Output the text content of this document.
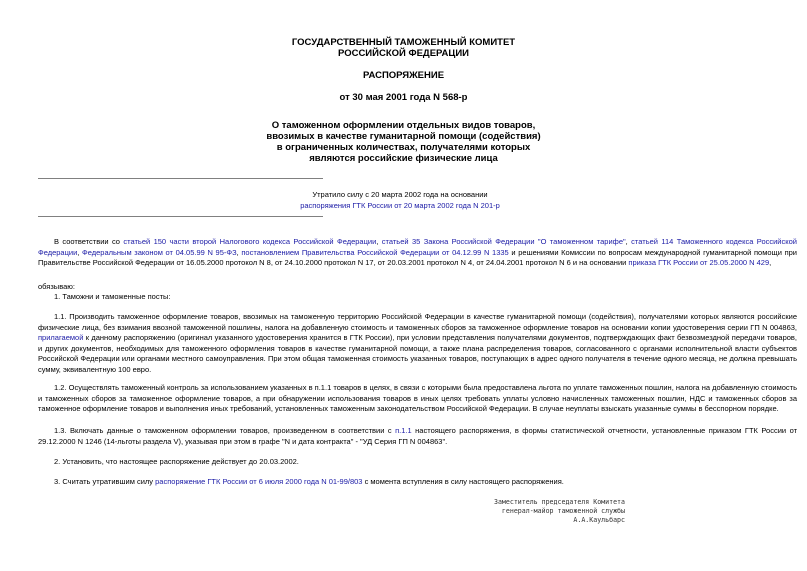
ГОСУДАРСТВЕННЫЙ ТАМОЖЕННЫЙ КОМИТЕТ
РОССИЙСКОЙ ФЕДЕРАЦИИ
РАСПОРЯЖЕНИЕ
от 30 мая 2001 года N 568-р
О таможенном оформлении отдельных видов товаров,
ввозимых в качестве гуманитарной помощи (содействия)
в ограниченных количествах, получателями которых
являются российские физические лица
Утратило силу с 20 марта 2002 года на основании
распоряжения ГТК России от 20 марта 2002 года N 201-р
В соответствии со статьей 150 части второй Налогового кодекса Российской Федерации, статьей 35 Закона Российской Федерации "О таможенном тарифе", статьей 114 Таможенного кодекса Российской Федерации, Федеральным законом от 04.05.99 N 95-ФЗ, постановлением Правительства Российской Федерации от 04.12.99 N 1335 и решениями Комиссии по вопросам международной гуманитарной помощи при Правительстве Российской Федерации от 16.05.2000 протокол N 8, от 24.10.2000 протокол N 17, от 20.03.2001 протокол N 4, от 24.04.2001 протокол N 6 и на основании приказа ГТК России от 25.05.2000 N 429,
обязываю:
1. Таможни и таможенные посты:
1.1. Производить таможенное оформление товаров, ввозимых на таможенную территорию Российской Федерации в качестве гуманитарной помощи (содействия), получателями которых являются российские физические лица, без взимания ввозной таможенной пошлины, налога на добавленную стоимость и таможенных сборов за таможенное оформление товаров на основании копии удостоверения серии ГП N 004863, прилагаемой к данному распоряжению (оригинал указанного удостоверения хранится в ГТК России), при условии представления получателями документов, подтверждающих факт безвозмездной передачи товаров, и других документов, необходимых для таможенного оформления товаров в качестве гуманитарной помощи, а также плана распределения товаров, согласованного с органами исполнительной власти субъектов Российской Федерации или органами местного самоуправления. При этом общая таможенная стоимость указанных товаров, поступающих в адрес одного получателя в течение одного месяца, не должна превышать сумму, эквивалентную 100 евро.
1.2. Осуществлять таможенный контроль за использованием указанных в п.1.1 товаров в целях, в связи с которыми была предоставлена льгота по уплате таможенных пошлин, налога на добавленную стоимость и таможенных сборов за таможенное оформление товаров, а при обнаружении использования товаров в иных целях требовать уплаты условно начисленных таможенных пошлин, НДС и таможенных сборов за таможенное оформление товаров и выполнения иных требований, установленных таможенным законодательством Российской Федерации. В случае неуплаты взыскать указанные суммы в бесспорном порядке.
1.3. Включать данные о таможенном оформлении товаров, произведенном в соответствии с п.1.1 настоящего распоряжения, в формы статистической отчетности, установленные приказом ГТК России от 29.12.2000 N 1246 (14-льготы раздела V), указывая при этом в графе "N и дата контракта" - "УД Серия ГП N 004863".
2. Установить, что настоящее распоряжение действует до 20.03.2002.
3. Считать утратившим силу распоряжение ГТК России от 6 июля 2000 года N 01-99/803 с момента вступления в силу настоящего распоряжения.
Заместитель председателя Комитета
генерал-майор таможенной службы
А.А.Каульбарс
